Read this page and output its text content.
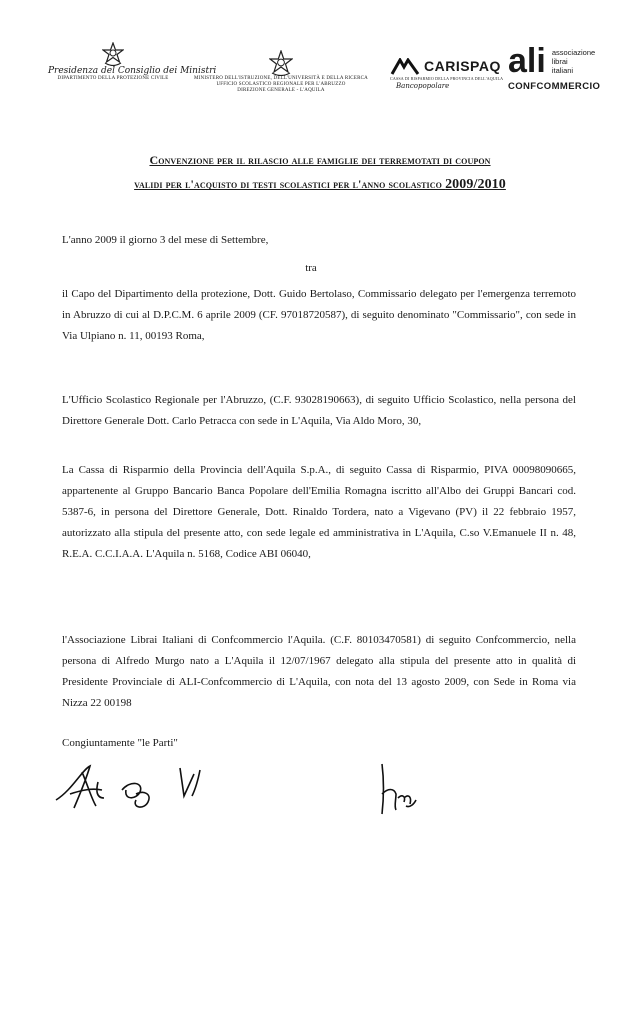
Presidenza del Consiglio dei Ministri
DIPARTIMENTO DELLA PROTEZIONE CIVILE	MINISTERO DELL'ISTRUZIONE, DELL'UNIVERSITÀ E DELLA RICERCA
UFFICIO SCOLASTICO REGIONALE PER L'ABRUZZO
DIREZIONE GENERALE - L'AQUILA
CARISPAQ
CASSA DI RISPARMIO DELLA PROVINCIA DELL'AQUILA
Bancopopolare
ali associazione
librai
italiani
CONFCOMMERCIO
Convenzione per il rilascio alle famiglie dei terremotati di coupon
validi per l'acquisto di testi scolastici per l'anno scolastico 2009/2010
L'anno 2009 il giorno 3 del mese di Settembre,
tra
il Capo del Dipartimento della protezione, Dott. Guido Bertolaso, Commissario delegato per l'emergenza terremoto in Abruzzo di cui al D.P.C.M. 6 aprile 2009 (CF. 97018720587), di seguito denominato "Commissario", con sede in Via Ulpiano n. 11, 00193 Roma,
L'Ufficio Scolastico Regionale per l'Abruzzo, (C.F. 93028190663), di seguito Ufficio Scolastico, nella persona del Direttore Generale Dott. Carlo Petracca con sede in L'Aquila, Via Aldo Moro, 30,
La Cassa di Risparmio della Provincia dell'Aquila S.p.A., di seguito Cassa di Risparmio, PIVA 00098090665, appartenente al Gruppo Bancario Banca Popolare dell'Emilia Romagna iscritto all'Albo dei Gruppi Bancari cod. 5387-6, in persona del Direttore Generale, Dott. Rinaldo Tordera, nato a Vigevano (PV) il 22 febbraio 1957, autorizzato alla stipula del presente atto, con sede legale ed amministrativa in L'Aquila, C.so V.Emanuele II n. 48, R.E.A. C.C.I.A.A. L'Aquila n. 5168, Codice ABI 06040,
l'Associazione Librai Italiani di Confcommercio l'Aquila. (C.F. 80103470581) di seguito Confcommercio, nella persona di Alfredo Murgo nato a L'Aquila il 12/07/1967 delegato alla stipula del presente atto in qualità di Presidente Provinciale di ALI-Confcommercio di L'Aquila, con nota del 13 agosto 2009, con Sede in Roma via Nizza 22 00198
Congiuntamente "le Parti"
